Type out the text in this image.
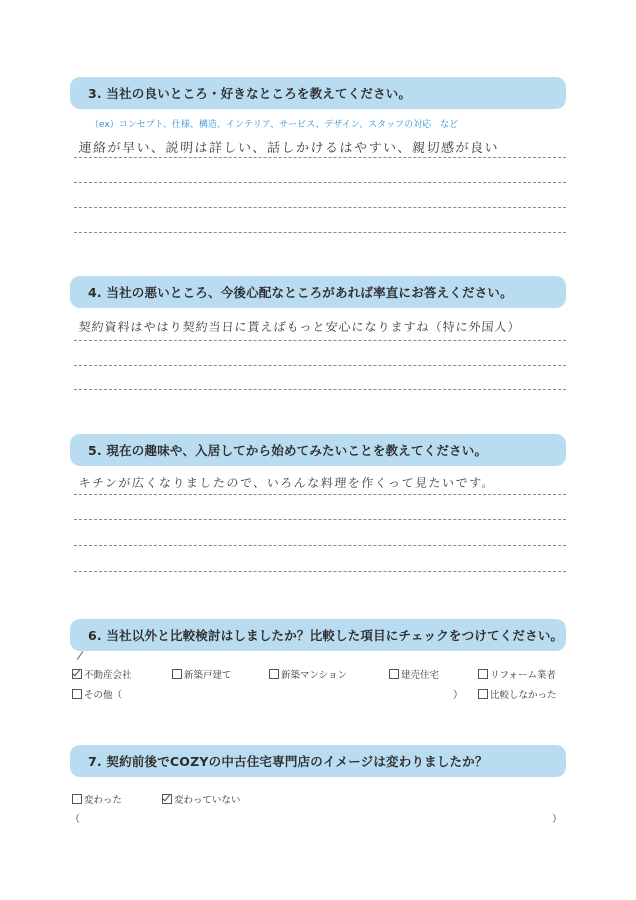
3. 当社の良いところ・好きなところを教えてください。
（ex）コンセプト、仕様、構造、インテリア、サービス、デザイン、スタッフの対応　など
連絡が早い、説明は詳しい、話しかけるはやすい、親切感が良い
4. 当社の悪いところ、今後心配なところがあれば率直にお答えください。
契約資料はやはり契約当日に貰えばもっと安心になりますね（特に外国人）
5. 現在の趣味や、入居してから始めてみたいことを教えてください。
キチンが広くなりましたので、いろんな料理を作くって見たいです。
6. 当社以外と比較検討はしましたか？比較した項目にチェックをつけてください。
不動産会社	新築戸建て	新築マンション	建売住宅	リフォーム業者
その他（	）	比較しなかった
7. 契約前後でCOZYの中古住宅専門店のイメージは変わりましたか？
変わった	変わっていない
（	）
